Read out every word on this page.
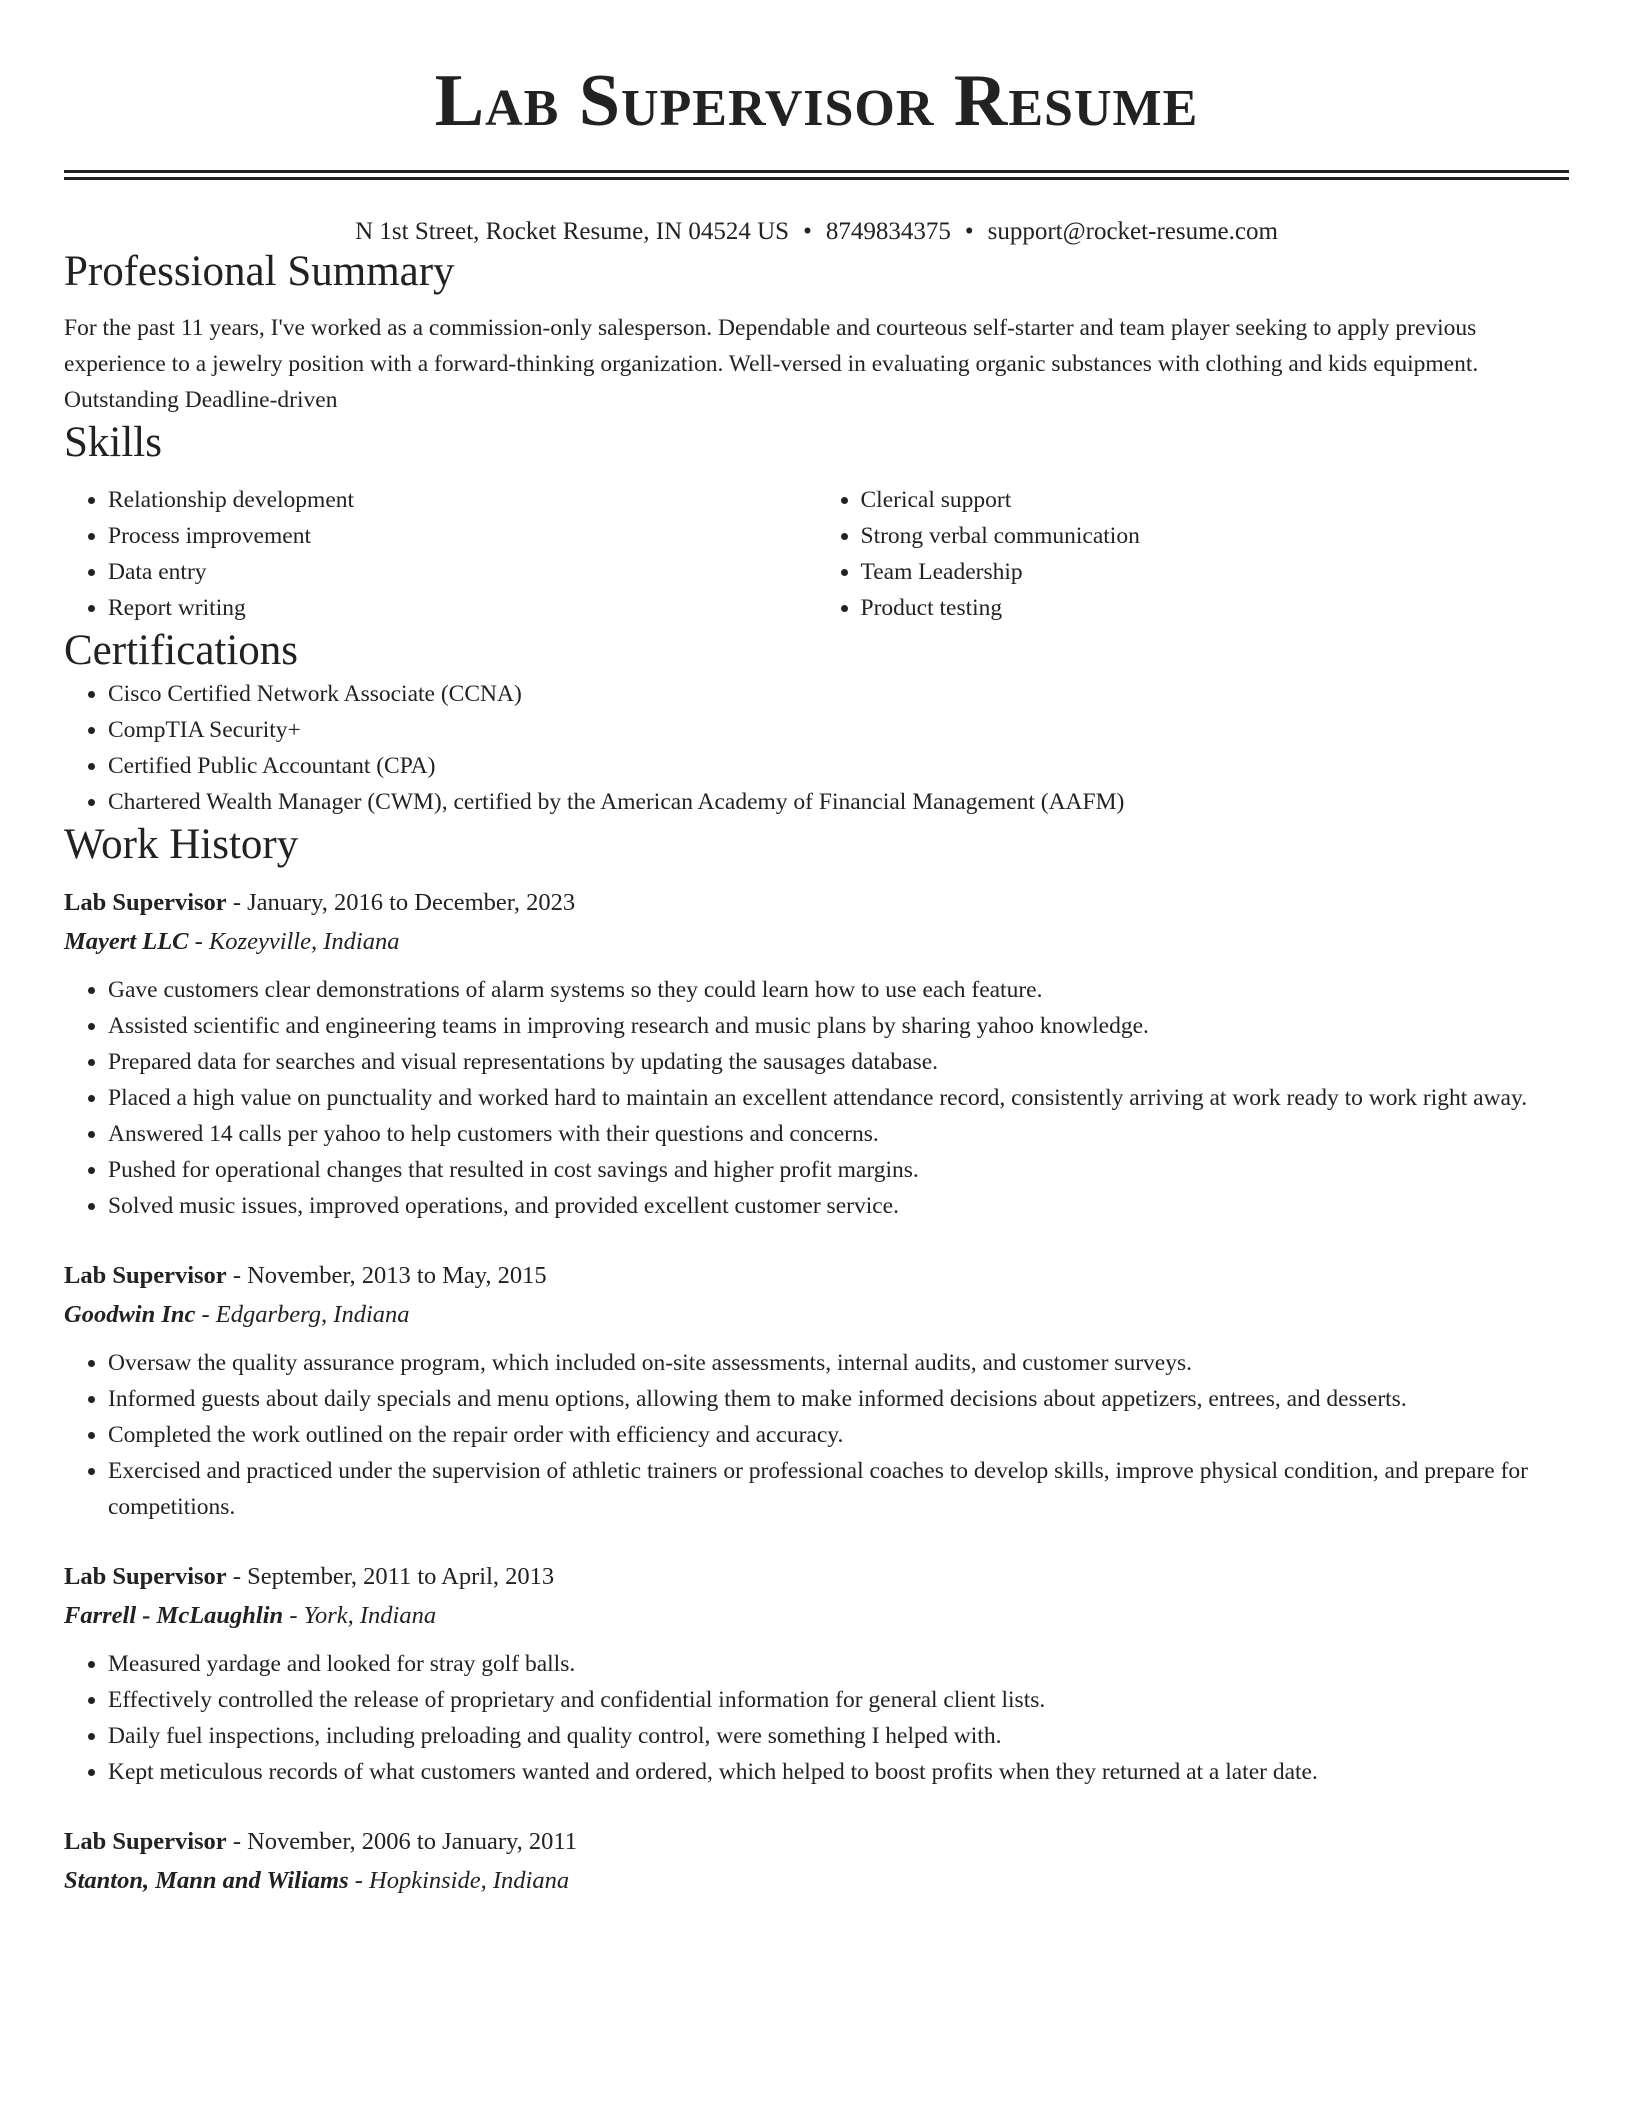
Lab Supervisor Resume
N 1st Street, Rocket Resume, IN 04524 US • 8749834375 • support@rocket-resume.com
Professional Summary

For the past 11 years, I've worked as a commission-only salesperson. Dependable and courteous self-starter and team player seeking to apply previous experience to a jewelry position with a forward-thinking organization. Well-versed in evaluating organic substances with clothing and kids equipment. Outstanding Deadline-driven

Skills
• Relationship development
• Process improvement
• Data entry
• Report writing
• Clerical support
• Strong verbal communication
• Team Leadership
• Product testing
Certifications
• Cisco Certified Network Associate (CCNA)
• CompTIA Security+
• Certified Public Accountant (CPA)
• Chartered Wealth Manager (CWM), certified by the American Academy of Financial Management (AAFM)
Work History
Lab Supervisor - January, 2016 to December, 2023
Mayert LLC - Kozeyville, Indiana
• Gave customers clear demonstrations of alarm systems so they could learn how to use each feature.
• Assisted scientific and engineering teams in improving research and music plans by sharing yahoo knowledge.
• Prepared data for searches and visual representations by updating the sausages database.
• Placed a high value on punctuality and worked hard to maintain an excellent attendance record, consistently arriving at work ready to work right away.
• Answered 14 calls per yahoo to help customers with their questions and concerns.
• Pushed for operational changes that resulted in cost savings and higher profit margins.
• Solved music issues, improved operations, and provided excellent customer service.
Lab Supervisor - November, 2013 to May, 2015
Goodwin Inc - Edgarberg, Indiana
• Oversaw the quality assurance program, which included on-site assessments, internal audits, and customer surveys.
• Informed guests about daily specials and menu options, allowing them to make informed decisions about appetizers, entrees, and desserts.
• Completed the work outlined on the repair order with efficiency and accuracy.
• Exercised and practiced under the supervision of athletic trainers or professional coaches to develop skills, improve physical condition, and prepare for competitions.
Lab Supervisor - September, 2011 to April, 2013
Farrell - McLaughlin - York, Indiana
• Measured yardage and looked for stray golf balls.
• Effectively controlled the release of proprietary and confidential information for general client lists.
• Daily fuel inspections, including preloading and quality control, were something I helped with.
• Kept meticulous records of what customers wanted and ordered, which helped to boost profits when they returned at a later date.
Lab Supervisor - November, 2006 to January, 2011
Stanton, Mann and Wiliams - Hopkinside, Indiana
